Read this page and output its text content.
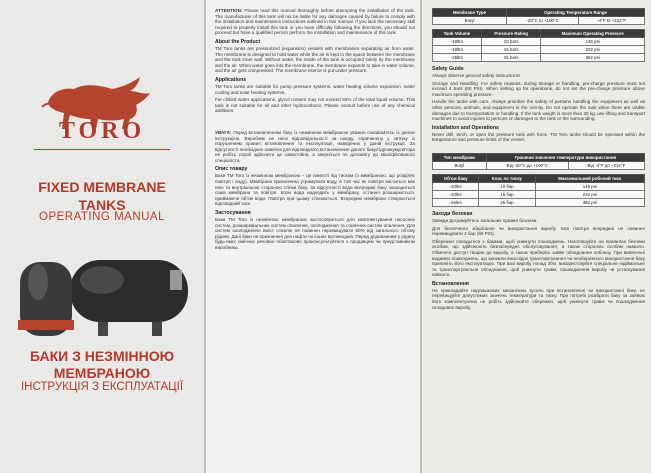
TORO
FIXED MEMBRANE
TANKS
OPERATING MANUAL
БАКИ З НЕЗМІННОЮ
МЕМБРАНОЮ
ІНСТРУКЦІЯ З ЕКСПЛУАТАЦІЇ

ATTENTION: Please read this manual thoroughly before attempting the installation of the tank. The manufacturer of this tank will not be liable for any damages caused by failure to comply with the installation and maintenance instructions outlined in this manual. If you lack the necessary skill required to properly install this tank or you have difficulty following the directions, you should not proceed but have a qualified person perform the installation and maintenance of this tank.

About the Product

TM Toro tanks are pressurized (expansion) vessels with membranes separating air from water. The membrane is designed to hold water while the air is kept in the space between the membrane and the tank inner wall. Without water, the inside of the tank is occupied solely by the membrane and the air. When water goes into the membrane, the membrane expands to take in water volume, and the air gets compressed. The membrane interior is put under pressure.

Applications

TM Toro tanks are suitable for pump pressure systems, water heating volume expansion, water cooling and solar heating systems.

For chilled water applications, glycol content may not exceed 50% of the total liquid volume. This tank is not suitable for oil and other hydrocarbons. Please consult before use of any chemical additives.

УВАГА: Перед встановленням баку із незмінною мембраною уважно ознайомтесь із даною інструкцією. Виробник не несе відповідальності за шкоду, спричинену у зв'язку із порушенням правил встановлення та експлуатації, наведених у даній інструкції. За відсутності необхідних навичок для відповідного встановлення даного баку/гідроакумулятора не робіть спроб здійснити це самостійно, а зверніться по допомогу до кваліфікованого спеціаліста.

Опис товару

Баки ТМ Toro із незмінною мембраною – це ємності під тиском (з мембраною, що розділяє повітря і воду). Мембрана призначена утримувати воду, в той час як повітря міститься між нею та внутрішньою стороною стінки баку. За відсутності води всередині баку знаходиться сама мембрана та повітря. Коли вода надходить у мембрану, остання розширюється, приймаючи об'єм води. Повітря при цьому стискається. Всередині мембрани створюється відповідний тиск.

Застосування

Баки ТМ Toro із незмінною мембраною застосовуються для комплектування насосних систем, розширювальних систем опалення, охолодження та сонячних систем опалення. Для систем охолодження вміст гліколю не повинен перевищувати 50% від загального об'єму рідини. Дані баки не призначені для нафти чи інших вуглеводнів. Перед додаванням у рідину будь-яких хімічних речовин обов'язково проконсультуйтеся з продавцем чи представником виробника.

Membrane Type	Operating Temperature Range	
Butyl	-20°C to +100°C	-4°F to +212°F
Tank Volume	Pressure Rating	Maximum Operating Pressure
-10ltrs	10 bars	145 psi
-10ltrs	16 bars	232 psi
-25ltrs	25 bars	362 psi
Safety Guide

Always observe general safety instructions!

Storage and Handling. For safety reasons, during storage or handling, pre-charge pressure must not exceed 4 bars (60 PSI). When setting up for operations, do not set the pre-charge pressure above maximum operating pressure.

Handle the tanks with care. Always prioritize the safety of persons handling the equipment as well as other persons, animals, and equipment in the vicinity. Do not operate the tank when there are visible damages due to transportation or handling. If the tank weight is more than 30 kg, use lifting and transport machines to avoid injuries to persons or damages to the tank or the surrounding.

Installation and Operations

Never drill, torch, or open the pressure tank with force. TM Toro tanks should be operated within the temperature and pressure limits of the vessel.

Тип мембрани	Граничні значення температури використання	
Butyl	Від -20°C до +100°C	Від -4°F до +212°F
Об'єм баку	Клас по тиску	Максимальний робочий тиск
-10ltrs	10 бар	145 psi
-10ltrs	16 бар	232 psi
-25ltrs	25 бар	362 psi
Заходи безпеки

Завжди дотримуйтесь загальних правил безпеки.

Для безпечного зберігання чи використання виробу тиск повітря всередині не повинен перевищувати 4 бар (60 PSI).

Обережно поводьтеся з баками, щоб уникнути пошкоджень. Наголошуйте на правилах безпеки особам, що здійснюють безпосереднє обслуговування, а також сторонніх особам навколо. Обмежте доступ тварин до виробу, а також приберіть зайве обладнання поблизу. При виявленні видимих пошкоджень, що виникли внаслідок транспортування чи необережного використання баку припиніть його експлуатацію. При вазі виробу понад 30кг, використовуйте спеціальне підіймальне та транспортувальне обладнання, щоб уникнути травм, пошкодження виробу чи устаткування навколо.

Встановлення

Не прикладайте надлишкових механічних зусиль при встановленні чи використанні баку, не перевищуйте допустимих значень температури та тиску. При потребі розібрати баку за заявою його комплектуючих не робіть здійснюйте обережно, щоб уникнути травм чи пошкодження складових виробу.
